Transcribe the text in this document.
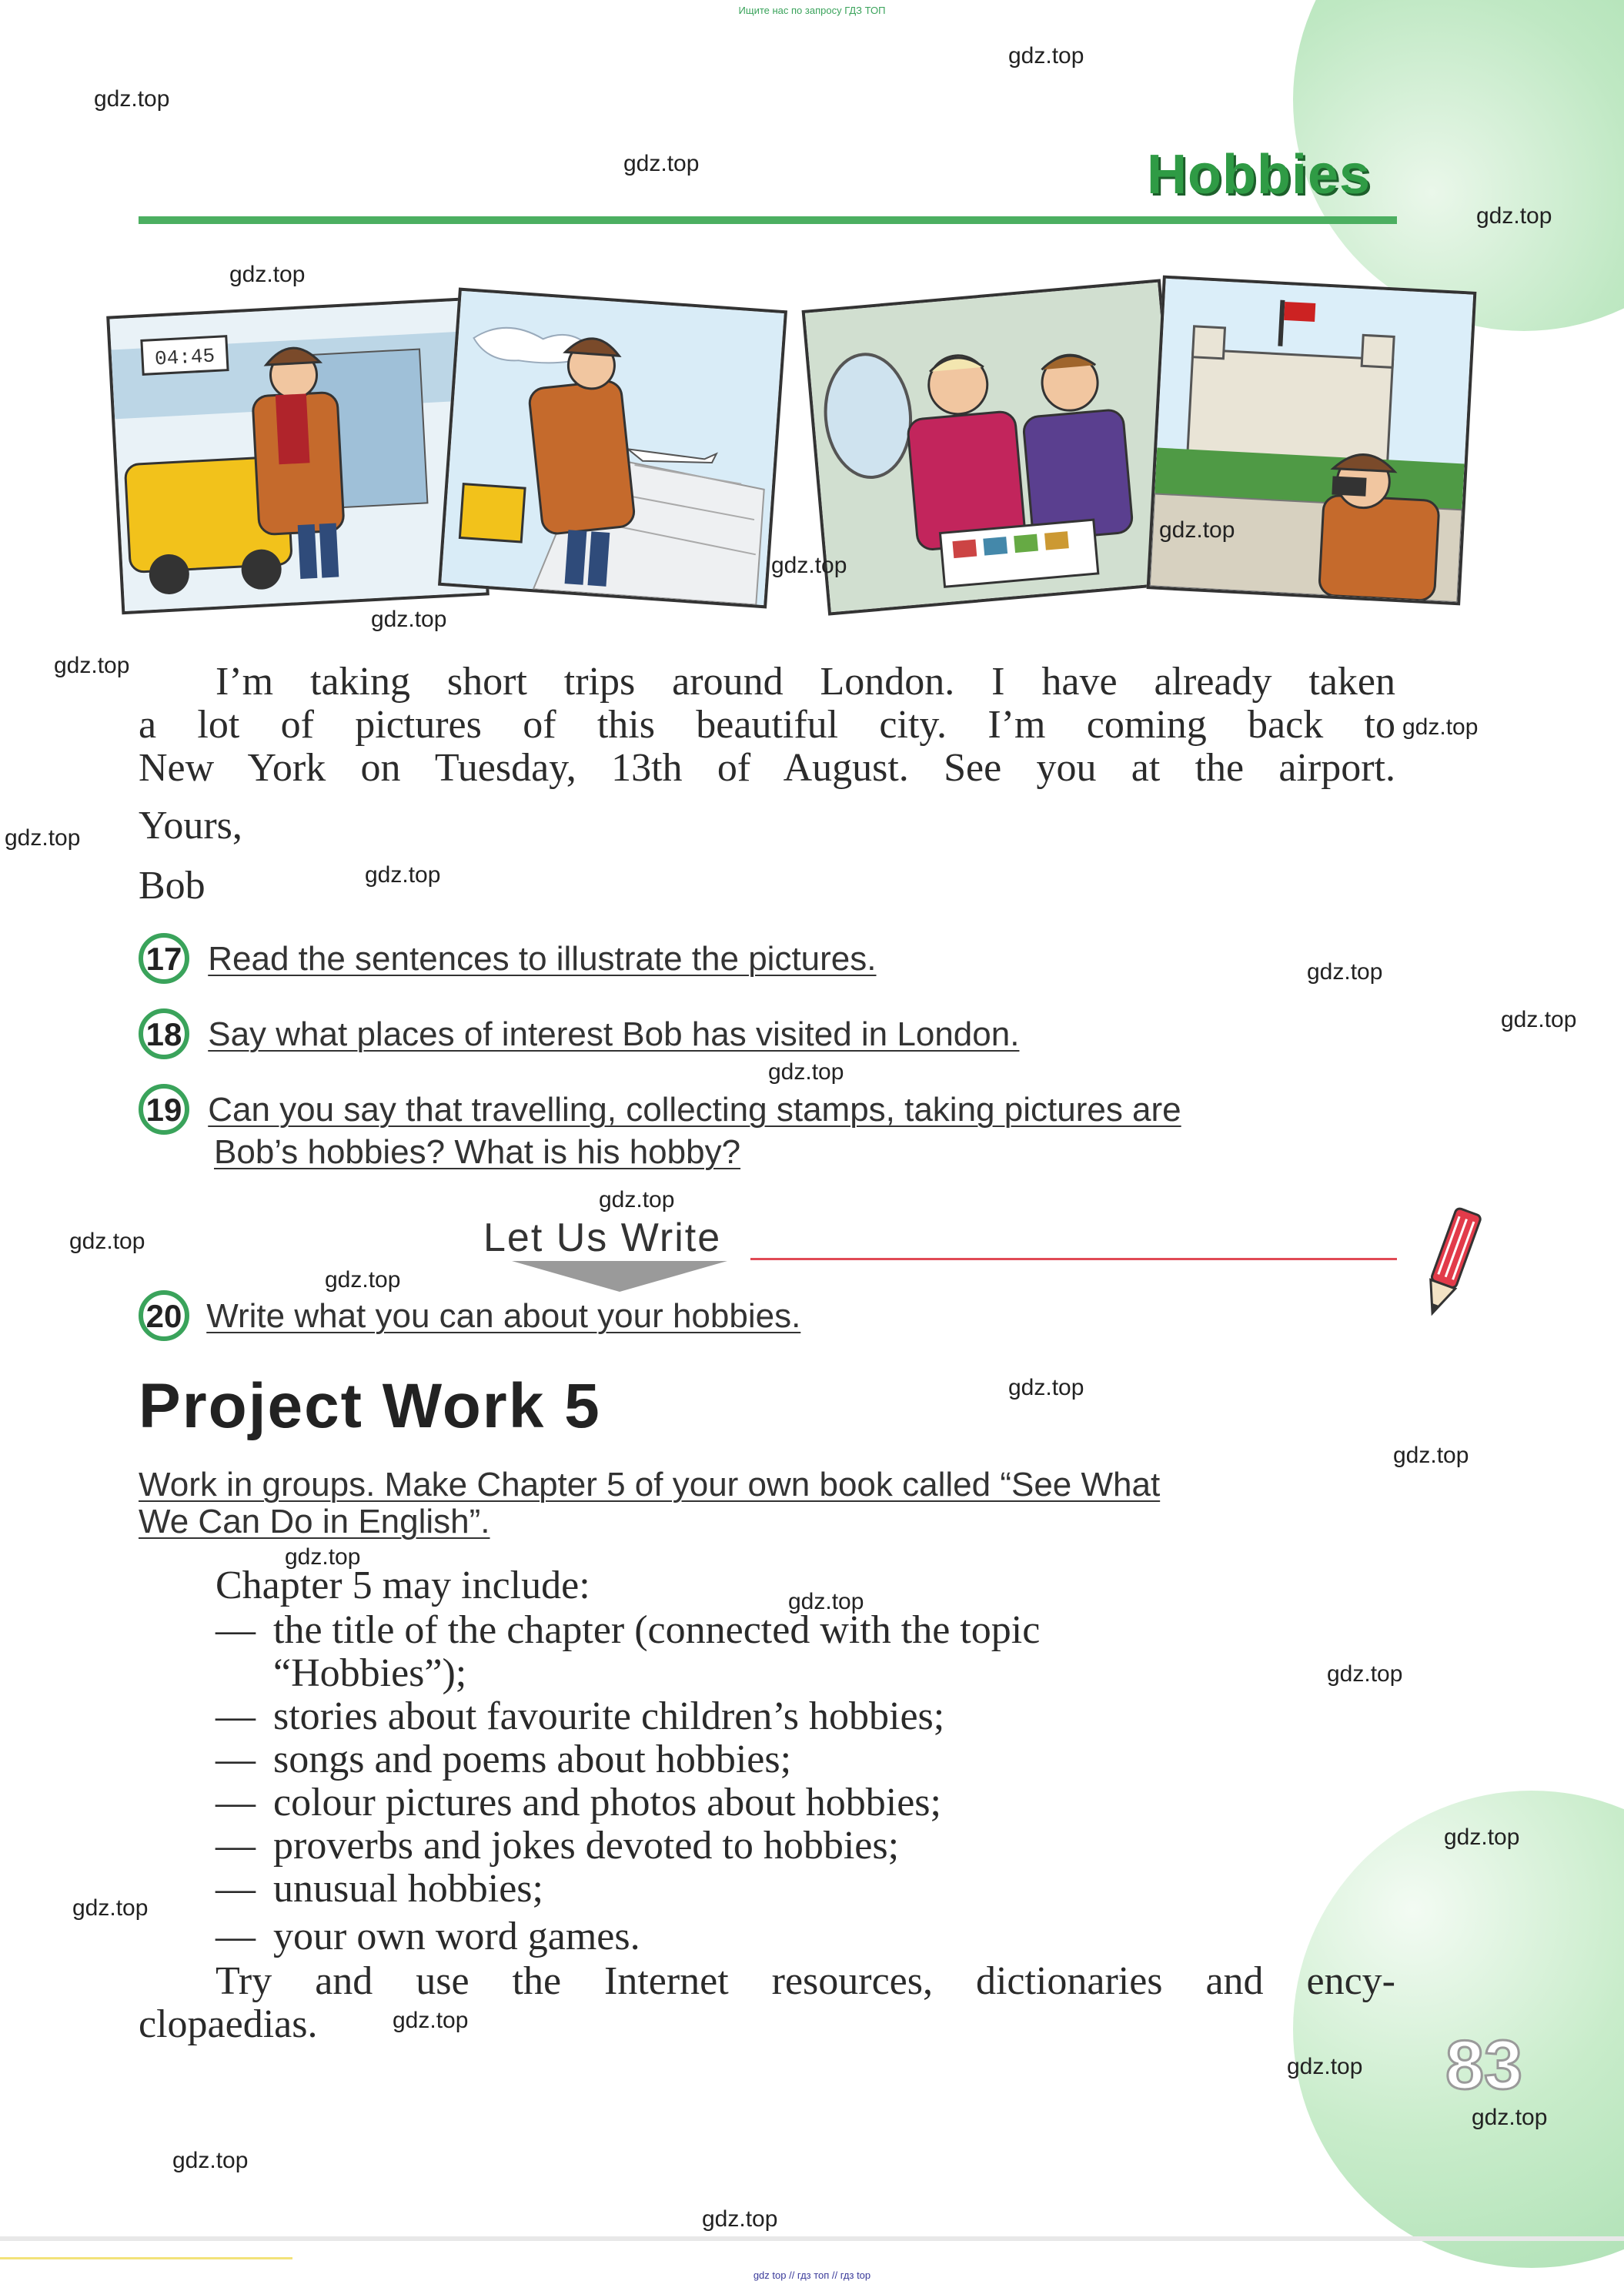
Ищите нас по запросу ГДЗ ТОП
Hobbies
04:45
I’m taking short trips around London. I have already taken
a lot of pictures of this beautiful city. I’m coming back to
New York on Tuesday, 13th of August. See you at the airport.
Yours,
Bob
17 Read the sentences to illustrate the pictures.
18 Say what places of interest Bob has visited in London.
19 Can you say that travelling, collecting stamps, taking pictures are
Bob’s hobbies? What is his hobby?
Let Us Write
20 Write what you can about your hobbies.
Project Work 5
Work in groups. Make Chapter 5 of your own book called “See What
We Can Do in English”.
Chapter 5 may include:
— the title of the chapter (connected with the topic
“Hobbies”);
— stories about favourite children’s hobbies;
— songs and poems about hobbies;
— colour pictures and photos about hobbies;
— proverbs and jokes devoted to hobbies;
— unusual hobbies;
— your own word games.
Try and use the Internet resources, dictionaries and ency-
clopaedias.
83
gdz.top
gdz.top
gdz.top
gdz.top
gdz.top
gdz.top
gdz.top
gdz.top
gdz.top
gdz.top
gdz.top
gdz.top
gdz.top
gdz.top
gdz.top
gdz.top
gdz.top
gdz.top
gdz.top
gdz.top
gdz.top
gdz.top
gdz.top
gdz.top
gdz.top
gdz.top
gdz.top
gdz.top
gdz.top
gdz.top
gdz top // гдз топ // гдз top
